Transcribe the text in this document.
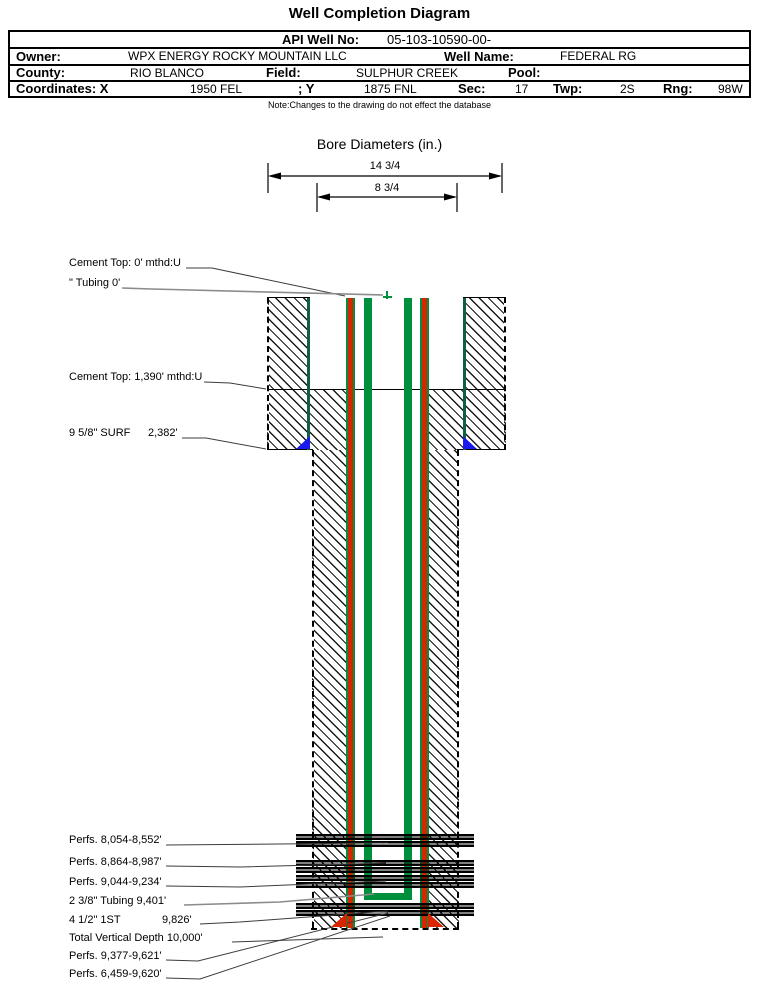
Well Completion Diagram
API Well No: 05-103-10590-00-
Owner:	WPX ENERGY ROCKY MOUNTAIN LLC	Well Name:	FEDERAL RG
County:	RIO BLANCO	Field:	SULPHUR CREEK	Pool:
Coordinates: X	1950 FEL	; Y	1875 FNL	Sec: 17 Twp:	2S Rng: 98W
Note:Changes to the drawing do not effect the database
Bore Diameters (in.)
14 3/4
8 3/4
Cement Top: 0' mthd:U
" Tubing 0'
Cement Top: 1,390' mthd:U
9 5/8" SURF 2,382'
Perfs. 8,054-8,552'
Perfs. 8,864-8,987'
Perfs. 9,044-9,234'
2 3/8" Tubing 9,401'
4 1/2" 1ST	9,826'
Total Vertical Depth 10,000'
Perfs. 9,377-9,621'
Perfs. 6,459-9,620'
